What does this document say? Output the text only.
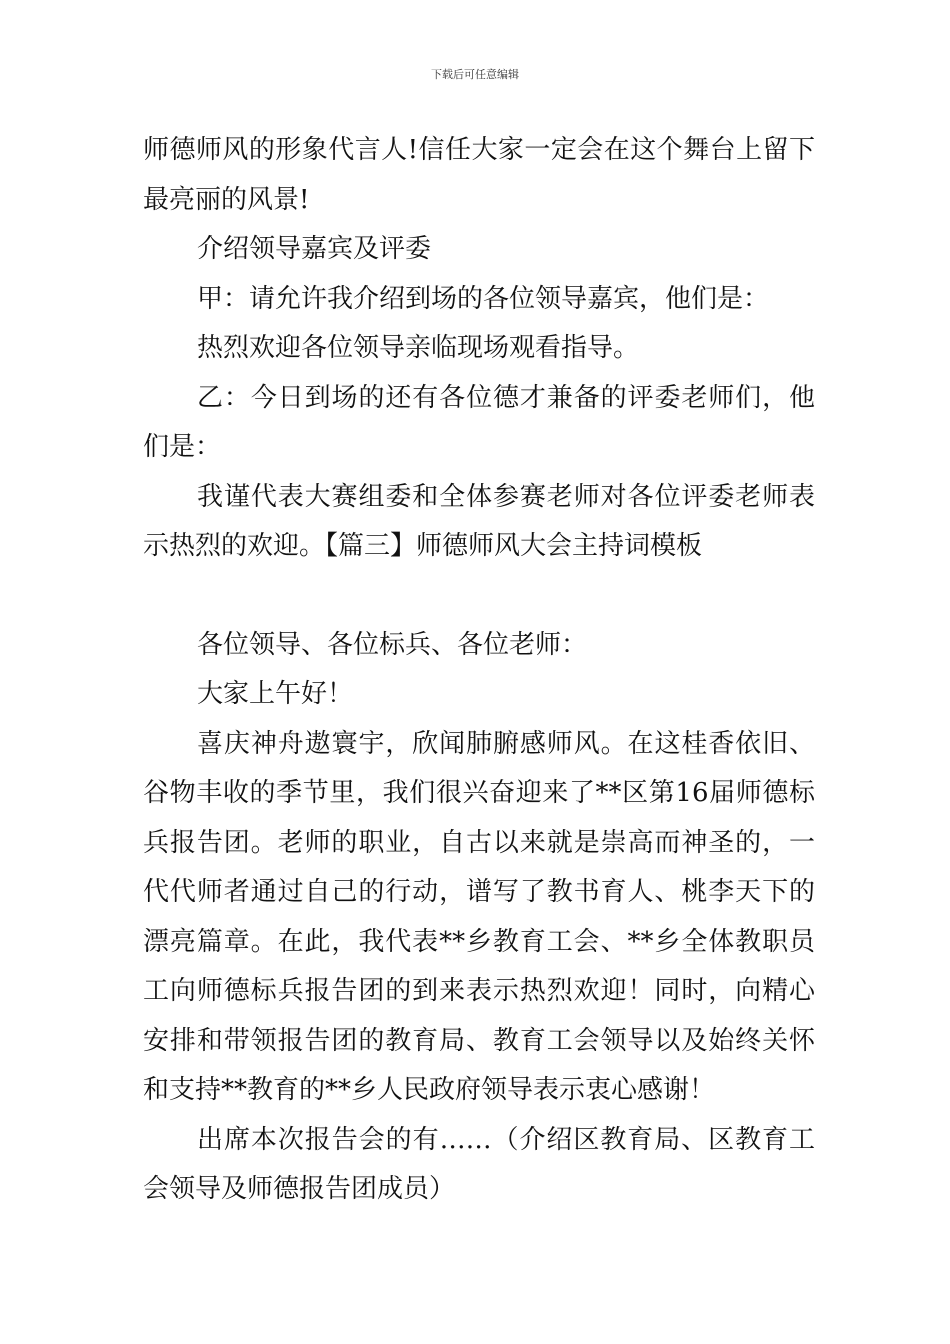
下载后可任意编辑

师德师风的形象代言人!信任大家一定会在这个舞台上留下最亮丽的风景!

介绍领导嘉宾及评委

甲：请允许我介绍到场的各位领导嘉宾，他们是：

热烈欢迎各位领导亲临现场观看指导。

乙：今日到场的还有各位德才兼备的评委老师们，他们是：

我谨代表大赛组委和全体参赛老师对各位评委老师表示热烈的欢迎。【篇三】师德师风大会主持词模板

各位领导、各位标兵、各位老师：

大家上午好！

喜庆神舟遨寰宇，欣闻肺腑感师风。在这桂香依旧、谷物丰收的季节里，我们很兴奋迎来了**区第16届师德标兵报告团。老师的职业，自古以来就是崇高而神圣的，一代代师者通过自己的行动，谱写了教书育人、桃李天下的漂亮篇章。在此，我代表**乡教育工会、**乡全体教职员工向师德标兵报告团的到来表示热烈欢迎！同时，向精心安排和带领报告团的教育局、教育工会领导以及始终关怀和支持**教育的**乡人民政府领导表示衷心感谢！

出席本次报告会的有……（介绍区教育局、区教育工会领导及师德报告团成员）
